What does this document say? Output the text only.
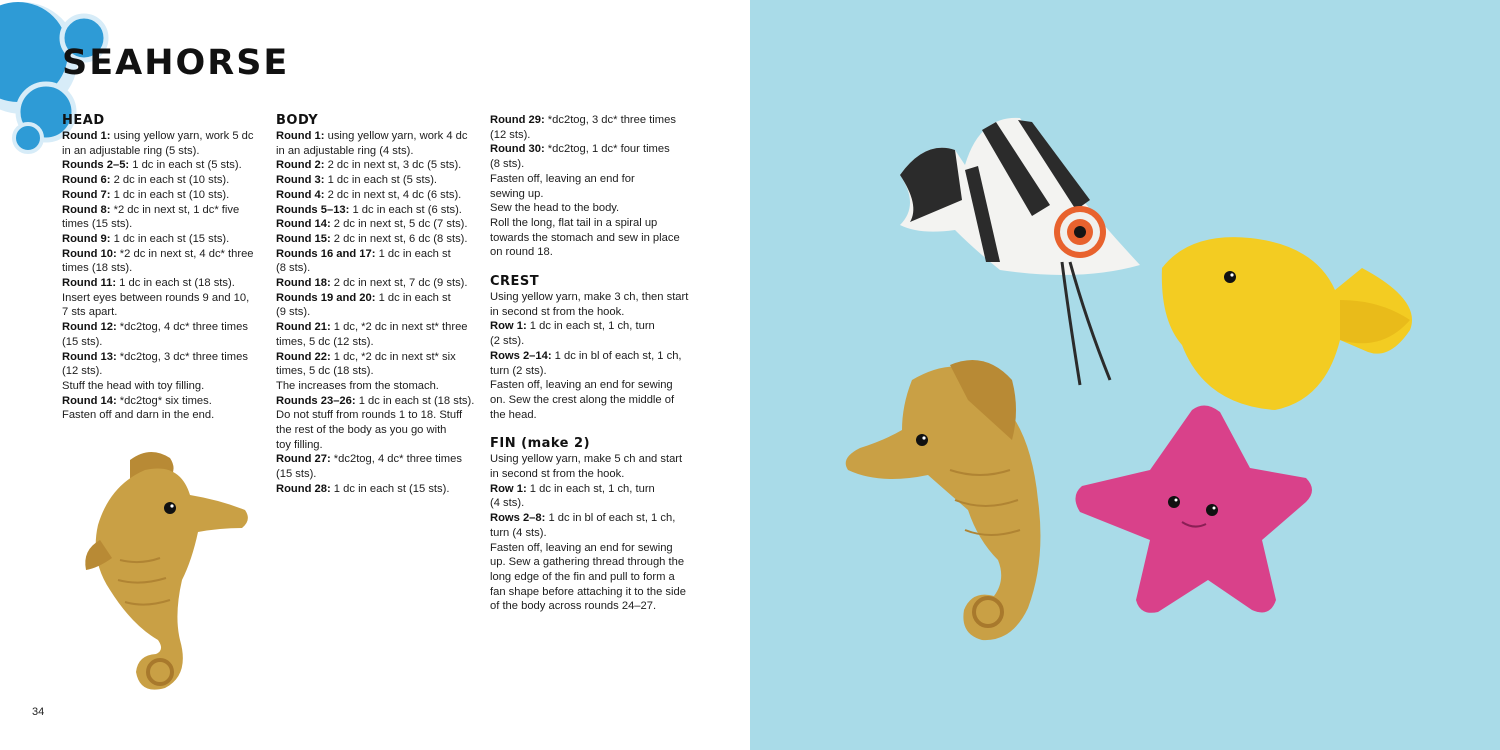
SEAHORSE
HEAD

Round 1: using yellow yarn, work 5 dc

in an adjustable ring (5 sts).

Rounds 2–5: 1 dc in each st (5 sts).

Round 6: 2 dc in each st (10 sts).

Round 7: 1 dc in each st (10 sts).

Round 8: *2 dc in next st, 1 dc* five

times (15 sts).

Round 9: 1 dc in each st (15 sts).

Round 10: *2 dc in next st, 4 dc* three

times (18 sts).

Round 11: 1 dc in each st (18 sts).

Insert eyes between rounds 9 and 10,

7 sts apart.

Round 12: *dc2tog, 4 dc* three times

(15 sts).

Round 13: *dc2tog, 3 dc* three times

(12 sts).

Stuff the head with toy filling.

Round 14: *dc2tog* six times.

Fasten off and darn in the end.

BODY

Round 1: using yellow yarn, work 4 dc

in an adjustable ring (4 sts).

Round 2: 2 dc in next st, 3 dc (5 sts).

Round 3: 1 dc in each st (5 sts).

Round 4: 2 dc in next st, 4 dc (6 sts).

Rounds 5–13: 1 dc in each st (6 sts).

Round 14: 2 dc in next st, 5 dc (7 sts).

Round 15: 2 dc in next st, 6 dc (8 sts).

Rounds 16 and 17: 1 dc in each st

(8 sts).

Round 18: 2 dc in next st, 7 dc (9 sts).

Rounds 19 and 20: 1 dc in each st

(9 sts).

Round 21: 1 dc, *2 dc in next st* three

times, 5 dc (12 sts).

Round 22: 1 dc, *2 dc in next st* six

times, 5 dc (18 sts).

The increases from the stomach.

Rounds 23–26: 1 dc in each st (18 sts).

Do not stuff from rounds 1 to 18. Stuff

the rest of the body as you go with

toy filling.

Round 27: *dc2tog, 4 dc* three times

(15 sts).

Round 28: 1 dc in each st (15 sts).

Round 29: *dc2tog, 3 dc* three times

(12 sts).

Round 30: *dc2tog, 1 dc* four times

(8 sts).

Fasten off, leaving an end for

sewing up.

Sew the head to the body.

Roll the long, flat tail in a spiral up

towards the stomach and sew in place

on round 18.

CREST

Using yellow yarn, make 3 ch, then start

in second st from the hook.

Row 1: 1 dc in each st, 1 ch, turn

(2 sts).

Rows 2–14: 1 dc in bl of each st, 1 ch,

turn (2 sts).

Fasten off, leaving an end for sewing

on. Sew the crest along the middle of

the head.

FIN (make 2)

Using yellow yarn, make 5 ch and start

in second st from the hook.

Row 1: 1 dc in each st, 1 ch, turn

(4 sts).

Rows 2–8: 1 dc in bl of each st, 1 ch,

turn (4 sts).

Fasten off, leaving an end for sewing

up. Sew a gathering thread through the

long edge of the fin and pull to form a

fan shape before attaching it to the side

of the body across rounds 24–27.

34
